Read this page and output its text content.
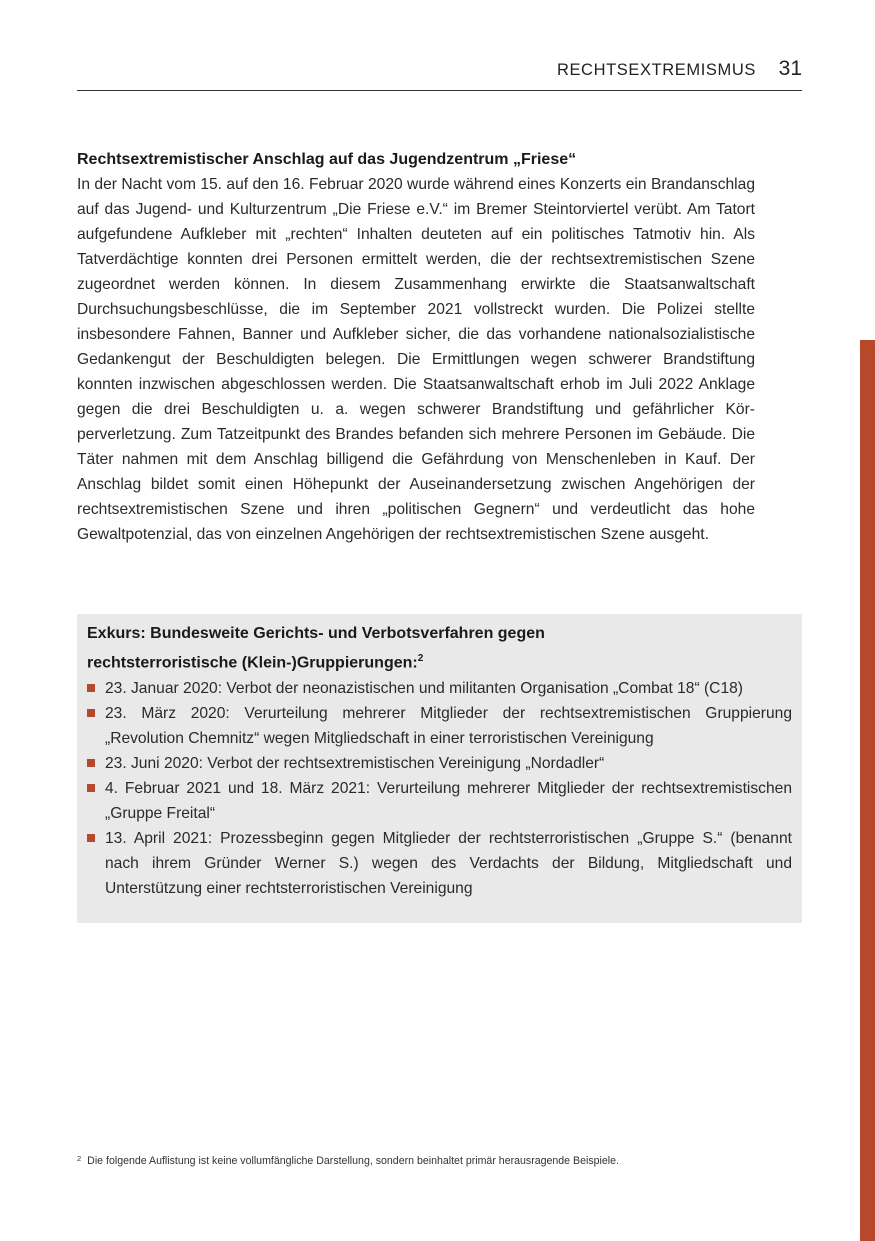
RECHTSEXTREMISMUS 31
Rechtsextremistischer Anschlag auf das Jugendzentrum „Friese“

In der Nacht vom 15. auf den 16. Februar 2020 wurde während eines Konzerts ein Brandanschlag auf das Jugend- und Kulturzentrum „Die Friese e.V.“ im Bremer Steintorviertel verübt. Am Tatort aufgefundene Aufkleber mit „rechten“ Inhalten deuteten auf ein politisches Tatmotiv hin. Als Tatverdächtige konnten drei Personen ermittelt werden, die der rechtsextremistischen Szene zugeordnet werden können. In diesem Zusammenhang erwirkte die Staatsanwaltschaft Durchsuchungsbeschlüsse, die im September 2021 vollstreckt wurden. Die Polizei stellte insbesondere Fahnen, Banner und Aufkleber sicher, die das vorhandene nationalsozialistische Gedankengut der Beschuldigten belegen. Die Ermittlungen wegen schwerer Brandstiftung konnten inzwischen abgeschlossen werden. Die Staatsanwaltschaft erhob im Juli 2022 Anklage gegen die drei Beschuldigten u. a. wegen schwerer Brandstiftung und gefährlicher Körperverletzung. Zum Tatzeitpunkt des Brandes befanden sich mehrere Personen im Gebäude. Die Täter nahmen mit dem Anschlag billigend die Gefährdung von Menschenleben in Kauf. Der Anschlag bildet somit einen Höhepunkt der Auseinandersetzung zwischen Angehörigen der rechtsextremistischen Szene und ihren „politischen Gegnern“ und verdeutlicht das hohe Gewaltpotenzial, das von einzelnen Angehörigen der rechtsextremistischen Szene ausgeht.

Exkurs: Bundesweite Gerichts- und Verbotsverfahren gegen
rechtsterroristische (Klein-)Gruppierungen:$^2$
23. Januar 2020: Verbot der neonazistischen und militanten Organisation „Combat 18“ (C18)
23. März 2020: Verurteilung mehrerer Mitglieder der rechtsextremistischen Gruppierung „Revolution Chemnitz“ wegen Mitgliedschaft in einer terroristischen Vereinigung
23. Juni 2020: Verbot der rechtsextremistischen Vereinigung „Nordadler“
4. Februar 2021 und 18. März 2021: Verurteilung mehrerer Mitglieder der rechtsextremistischen „Gruppe Freital“
13. April 2021: Prozessbeginn gegen Mitglieder der rechtsterroristischen „Gruppe S.“ (benannt nach ihrem Gründer Werner S.) wegen des Verdachts der Bildung, Mitgliedschaft und Unterstützung einer rechtsterroristischen Vereinigung
$^2$ Die folgende Auflistung ist keine vollumfängliche Darstellung, sondern beinhaltet primär herausragende Beispiele.
